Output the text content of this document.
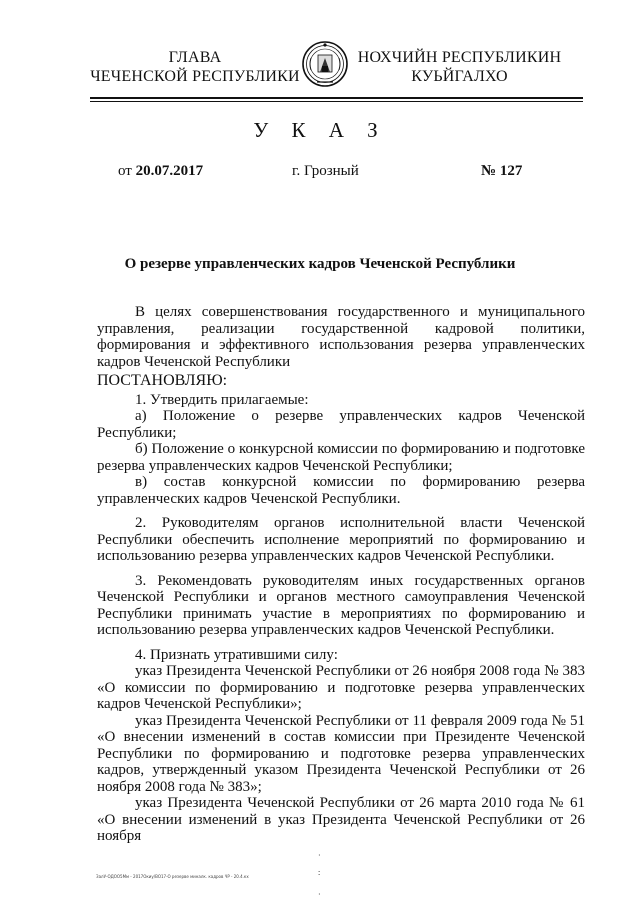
ГЛАВА
ЧЕЧЕНСКОЙ РЕСПУБЛИКИ
НОХЧИЙН РЕСПУБЛИКИН
КУЬЙГАЛХО
У К А З
от 20.07.2017	г. Грозный	№ 127
О резерве управленческих кадров Чеченской Республики

В целях совершенствования государственного и муниципального управления, реализации государственной кадровой политики, формирования и эффективного использования резерва управленческих кадров Чеченской Республики

ПОСТАНОВЛЯЮ:

1. Утвердить прилагаемые:

а) Положение о резерве управленческих кадров Чеченской Республики;

б) Положение о конкурсной комиссии по формированию и подготовке резерва управленческих кадров Чеченской Республики;

в) состав конкурсной комиссии по формированию резерва управленческих кадров Чеченской Республики.

2. Руководителям органов исполнительной власти Чеченской Республики обеспечить исполнение мероприятий по формированию и использованию резерва управленческих кадров Чеченской Республики.

3. Рекомендовать руководителям иных государственных органов Чеченской Республики и органов местного самоуправления Чеченской Республики принимать участие в мероприятиях по формированию и использованию резерва управленческих кадров Чеченской Республики.

4. Признать утратившими силу:

указ Президента Чеченской Республики от 26 ноября 2008 года № 383 «О комиссии по формированию и подготовке резерва управленческих кадров Чеченской Республики»;

указ Президента Чеченской Республики от 11 февраля 2009 года № 51 «О внесении изменений в состав комиссии при Президенте Чеченской Республики по формированию и подготовке резерва управленческих кадров, утвержденный указом Президента Чеченской Республики от 26 ноября 2008 года № 383»;

указ Президента Чеченской Республики от 26 марта 2010 года № 61 «О внесении изменений в указ Президента Чеченской Республики от 26 ноября

ЗалУ-ОДОО5Мм - 2017Окиу/ВО17-О резерве миналк. кадров ЧР - 20.4.кх
·
:
·
